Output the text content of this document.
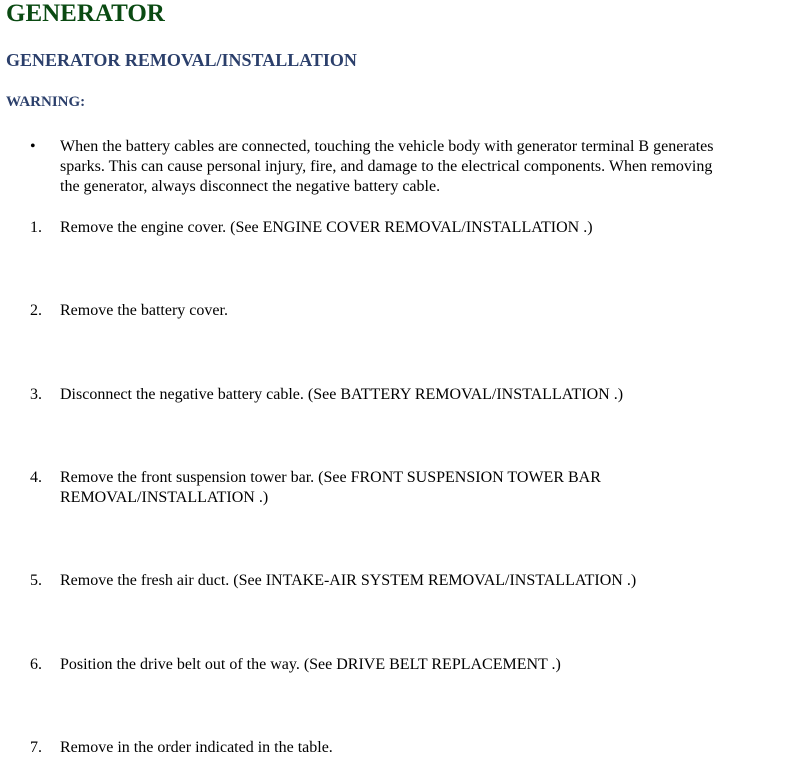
GENERATOR
GENERATOR REMOVAL/INSTALLATION
WARNING:
•	When the battery cables are connected, touching the vehicle body with generator terminal B generates
sparks. This can cause personal injury, fire, and damage to the electrical components. When removing
the generator, always disconnect the negative battery cable.
1.	Remove the engine cover. (See ENGINE COVER REMOVAL/INSTALLATION .)
2.	Remove the battery cover.
3.	Disconnect the negative battery cable. (See BATTERY REMOVAL/INSTALLATION .)
4.	Remove the front suspension tower bar. (See FRONT SUSPENSION TOWER BAR
REMOVAL/INSTALLATION .)
5.	Remove the fresh air duct. (See INTAKE-AIR SYSTEM REMOVAL/INSTALLATION .)
6.	Position the drive belt out of the way. (See DRIVE BELT REPLACEMENT .)
7.	Remove in the order indicated in the table.
